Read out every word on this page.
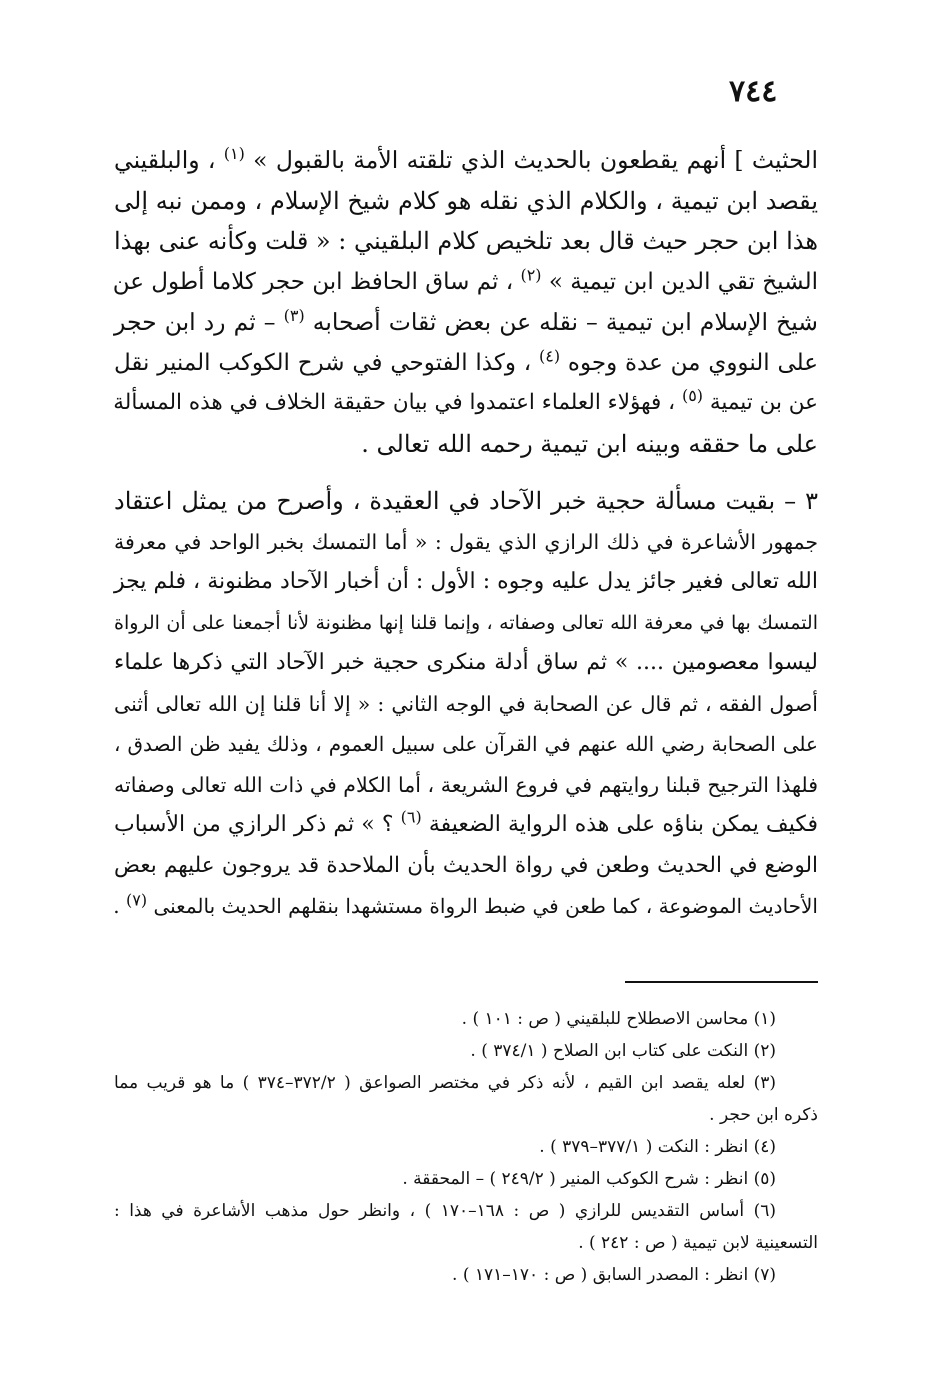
٧٤٤
الحثيث ] أنهم يقطعون بالحديث الذي تلقته الأمة بالقبول » $^{(١)}$ ، والبلقيني
يقصد ابن تيمية ، والكلام الذي نقله هو كلام شيخ الإسلام ، وممن نبه إلى
هذا ابن حجر حيث قال بعد تلخيص كلام البلقيني : « قلت وكأنه عنى بهذا
الشيخ تقي الدين ابن تيمية » $^{(٢)}$ ، ثم ساق الحافظ ابن حجر كلاما أطول عن
شيخ الإسلام ابن تيمية – نقله عن بعض ثقات أصحابه $^{(٣)}$ – ثم رد ابن حجر
على النووي من عدة وجوه $^{(٤)}$ ، وكذا الفتوحي في شرح الكوكب المنير نقل
عن بن تيمية $^{(٥)}$ ، فهؤلاء العلماء اعتمدوا في بيان حقيقة الخلاف في هذه المسألة
على ما حققه وبينه ابن تيمية رحمه الله تعالى .
٣ – بقيت مسألة حجية خبر الآحاد في العقيدة ، وأصرح من يمثل اعتقاد
جمهور الأشاعرة في ذلك الرازي الذي يقول : « أما التمسك بخبر الواحد في معرفة
الله تعالى فغير جائز يدل عليه وجوه : الأول : أن أخبار الآحاد مظنونة ، فلم يجز
التمسك بها في معرفة الله تعالى وصفاته ، وإنما قلنا إنها مظنونة لأنا أجمعنا على أن الرواة
ليسوا معصومين .... » ثم ساق أدلة منكرى حجية خبر الآحاد التي ذكرها علماء
أصول الفقه ، ثم قال عن الصحابة في الوجه الثاني : « إلا أنا قلنا إن الله تعالى أثنى
على الصحابة رضي الله عنهم في القرآن على سبيل العموم ، وذلك يفيد ظن الصدق ،
فلهذا الترجيح قبلنا روايتهم في فروع الشريعة ، أما الكلام في ذات الله تعالى وصفاته
فكيف يمكن بناؤه على هذه الرواية الضعيفة $^{(٦)}$ ؟ » ثم ذكر الرازي من الأسباب
الوضع في الحديث وطعن في رواة الحديث بأن الملاحدة قد يروجون عليهم بعض
الأحاديث الموضوعة ، كما طعن في ضبط الرواة مستشهدا بنقلهم الحديث بالمعنى $^{(٧)}$ .
(١) محاسن الاصطلاح للبلقيني ( ص : ١٠١ ) .
(٢) النكت على كتاب ابن الصلاح ( ٣٧٤/١ ) .
(٣) لعله يقصد ابن القيم ، لأنه ذكر في مختصر الصواعق ( ٣٧٢/٢–٣٧٤ ) ما هو قريب مما
ذكره ابن حجر .
(٤) انظر : النكت ( ٣٧٧/١–٣٧٩ ) .
(٥) انظر : شرح الكوكب المنير ( ٢٤٩/٢ ) – المحققة .
(٦) أساس التقديس للرازي ( ص : ١٦٨–١٧٠ ) ، وانظر حول مذهب الأشاعرة في هذا :
التسعينية لابن تيمية ( ص : ٢٤٢ ) .
(٧) انظر : المصدر السابق ( ص : ١٧٠–١٧١ ) .
